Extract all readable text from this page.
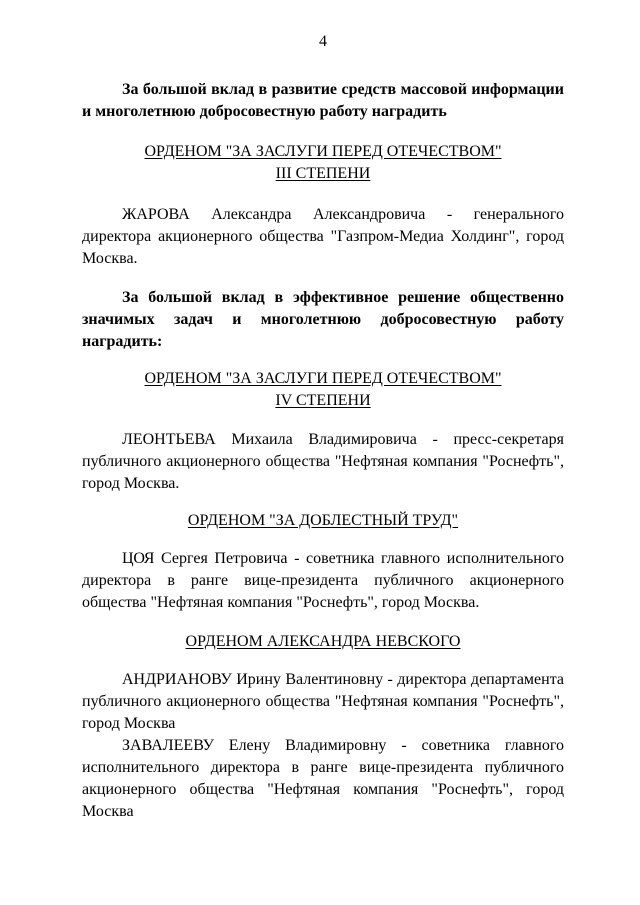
4

За большой вклад в развитие средств массовой информации и многолетнюю добросовестную работу наградить

ОРДЕНОМ "ЗА ЗАСЛУГИ ПЕРЕД ОТЕЧЕСТВОМ"

III СТЕПЕНИ

ЖАРОВА Александра Александровича - генерального директора акционерного общества "Газпром-Медиа Холдинг", город Москва.

За большой вклад в эффективное решение общественно
значимых задач и многолетнюю добросовестную работу
наградить:

ОРДЕНОМ "ЗА ЗАСЛУГИ ПЕРЕД ОТЕЧЕСТВОМ"

IV СТЕПЕНИ

ЛЕОНТЬЕВА Михаила Владимировича - пресс-секретаря публичного акционерного общества "Нефтяная компания "Роснефть", город Москва.

ОРДЕНОМ "ЗА ДОБЛЕСТНЫЙ ТРУД"

ЦОЯ Сергея Петровича - советника главного исполнительного директора в ранге вице-президента публичного акционерного общества "Нефтяная компания "Роснефть", город Москва.

ОРДЕНОМ АЛЕКСАНДРА НЕВСКОГО

АНДРИАНОВУ Ирину Валентиновну - директора департамента публичного акционерного общества "Нефтяная компания "Роснефть", город Москва

ЗАВАЛЕЕВУ Елену Владимировну - советника главного исполнительного директора в ранге вице-президента публичного акционерного общества "Нефтяная компания "Роснефть", город Москва
